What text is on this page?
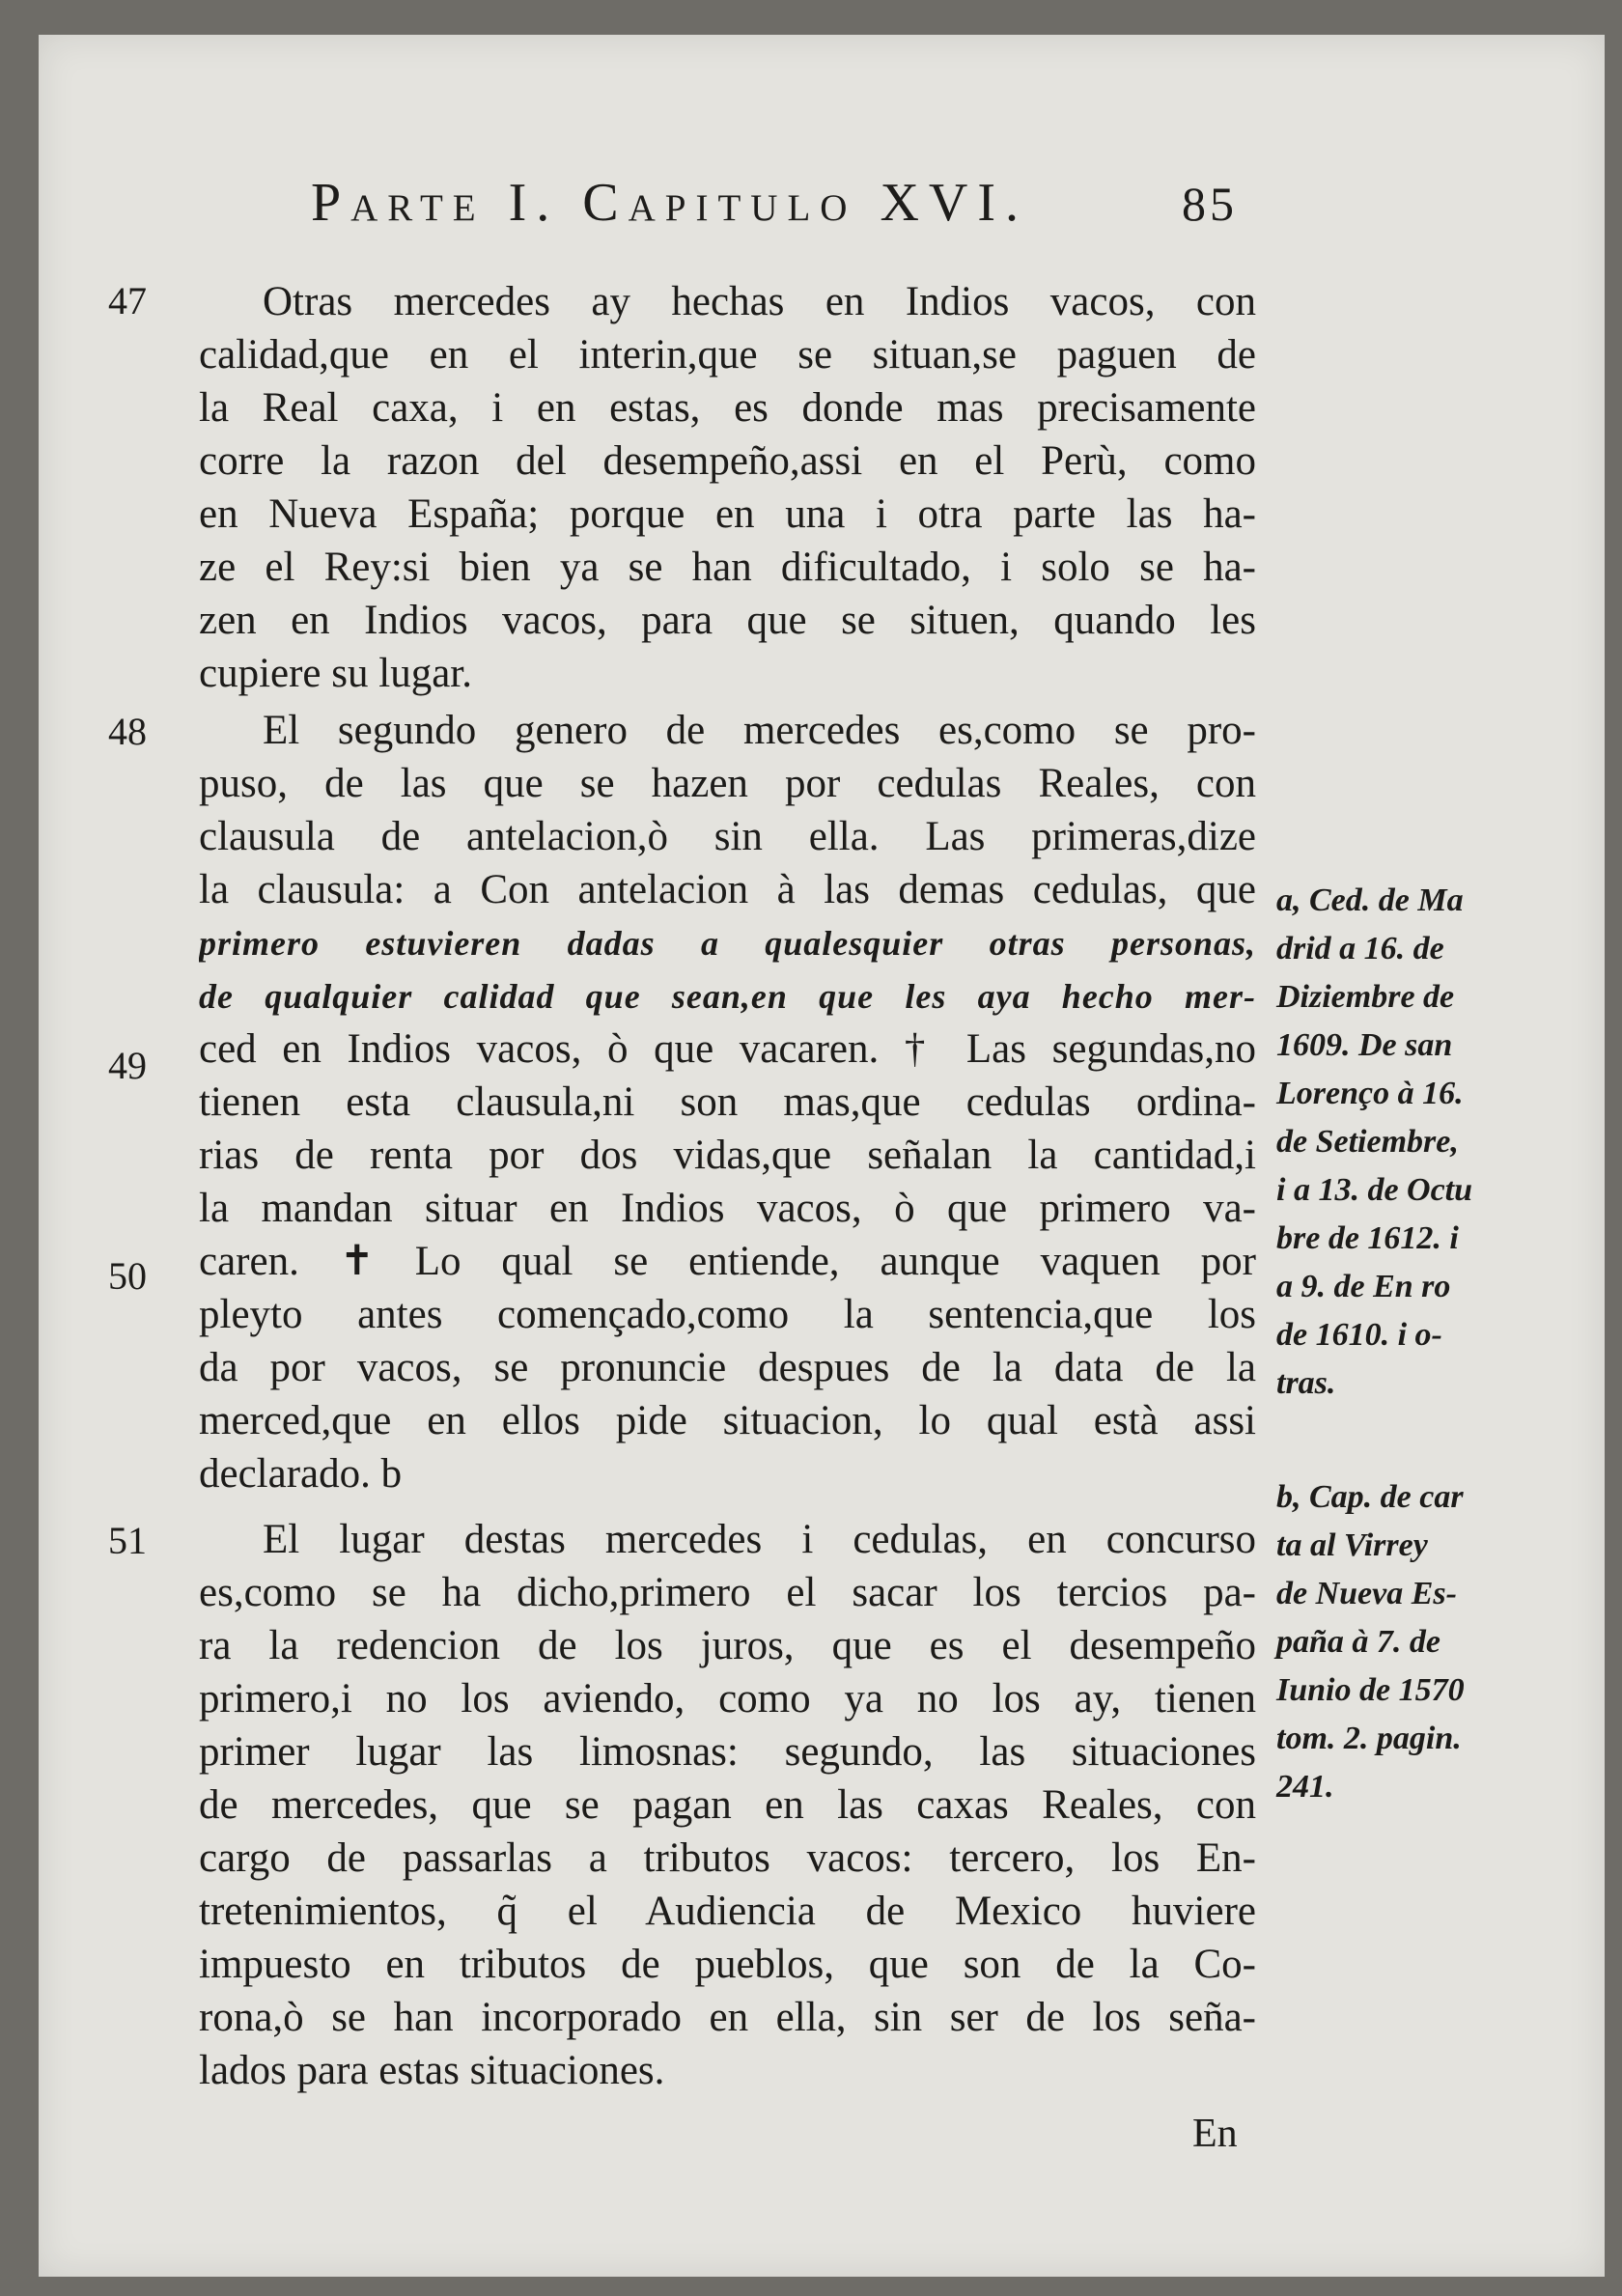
Parte I. Capitulo XVI.	85
47
48
49
50
51
Otras mercedes ay hechas en Indios vacos, con
calidad,que en el interin,que se situan,se paguen de
la Real caxa, i en estas, es donde mas precisamente
corre la razon del desempeño,assi en el Perù, como
en Nueva España; porque en una i otra parte las ha-
ze el Rey:si bien ya se han dificultado, i solo se ha-
zen en Indios vacos, para que se situen, quando les
cupiere su lugar.
El segundo genero de mercedes es,como se pro-
puso, de las que se hazen por cedulas Reales, con
clausula de antelacion,ò sin ella. Las primeras,dize
la clausula: a Con antelacion à las demas cedulas, que
primero estuvieren dadas a qualesquier otras personas,
de qualquier calidad que sean,en que les aya hecho mer-
ced en Indios vacos, ò que vacaren. † Las segundas,no
tienen esta clausula,ni son mas,que cedulas ordina-
rias de renta por dos vidas,que señalan la cantidad,i
la mandan situar en Indios vacos, ò que primero va-
caren. ✝ Lo qual se entiende, aunque vaquen por
pleyto antes començado,como la sentencia,que los
da por vacos, se pronuncie despues de la data de la
merced,que en ellos pide situacion, lo qual està assi
declarado. b
El lugar destas mercedes i cedulas, en concurso
es,como se ha dicho,primero el sacar los tercios pa-
ra la redencion de los juros, que es el desempeño
primero,i no los aviendo, como ya no los ay, tienen
primer lugar las limosnas: segundo, las situaciones
de mercedes, que se pagan en las caxas Reales, con
cargo de passarlas a tributos vacos: tercero, los En-
tretenimientos, q̃ el Audiencia de Mexico huviere
impuesto en tributos de pueblos, que son de la Co-
rona,ò se han incorporado en ella, sin ser de los seña-
lados para estas situaciones.
a, Ced. de Ma
drid a 16. de
Diziembre de
1609. De san
Lorenço à 16.
de Setiembre,
i a 13. de Octu
bre de 1612. i
a 9. de En ro
de 1610. i o-
tras.
b, Cap. de car
ta al Virrey
de Nueva Es-
paña à 7. de
Iunio de 1570
tom. 2. pagin.
241.
En
